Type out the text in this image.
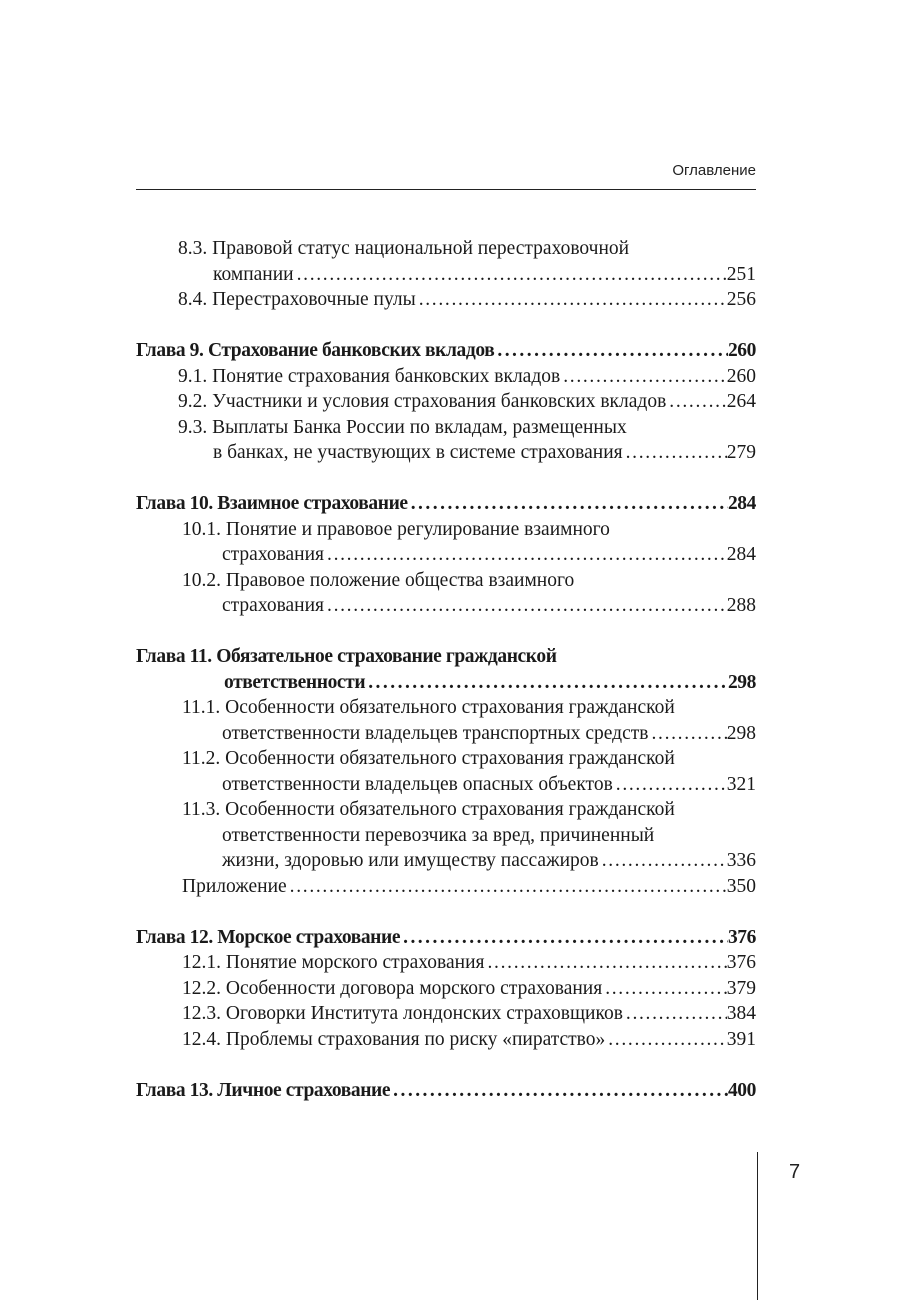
Оглавление
8.3. Правовой статус национальной перестраховочной
компании . . .	251
8.4. Перестраховочные пулы . . .	256
Глава 9. Страхование банковских вкладов . . .	260
9.1. Понятие страхования банковских вкладов . . .	260
9.2. Участники и условия страхования банковских вкладов . . .	264
9.3. Выплаты Банка России по вкладам, размещенных
в банках, не участвующих в системе страхования . . .	279
Глава 10. Взаимное страхование . . .	284
10.1. Понятие и правовое регулирование взаимного
страхования . . .	284
10.2. Правовое положение общества взаимного
страхования . . .	288
Глава 11. Обязательное страхование гражданской
ответственности . . .	298
11.1. Особенности обязательного страхования гражданской
ответственности владельцев транспортных средств . . .	298
11.2. Особенности обязательного страхования гражданской
ответственности владельцев опасных объектов . . .	321
11.3. Особенности обязательного страхования гражданской
ответственности перевозчика за вред, причиненный
жизни, здоровью или имуществу пассажиров . . .	336
Приложение . . .	350
Глава 12. Морское страхование . . .	376
12.1. Понятие морского страхования . . .	376
12.2. Особенности договора морского страхования . . .	379
12.3. Оговорки Института лондонских страховщиков . . .	384
12.4. Проблемы страхования по риску «пиратство» . . .	391
Глава 13. Личное страхование . . .	400
7
